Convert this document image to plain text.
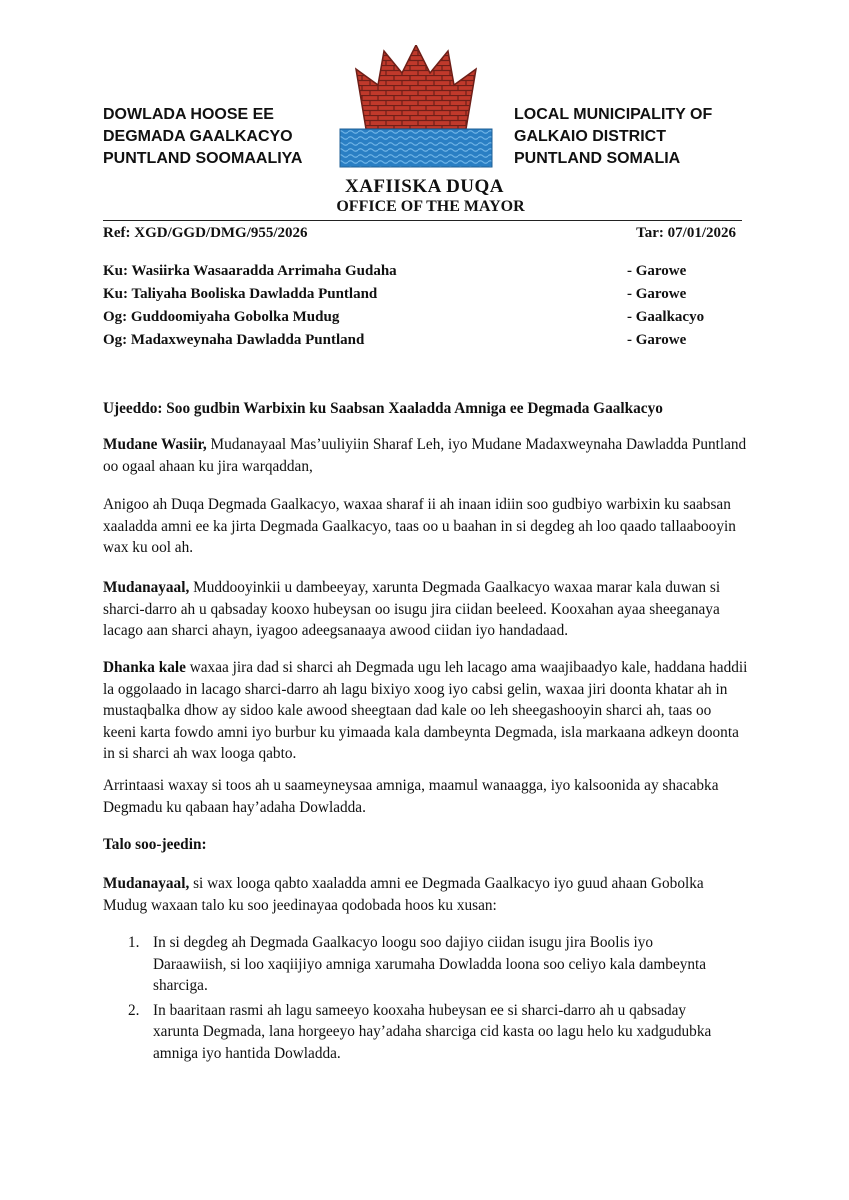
DOWLADA HOOSE EE
DEGMADA GAALKACYO
PUNTLAND SOOMAALIYA
LOCAL MUNICIPALITY OF
GALKAIO DISTRICT
PUNTLAND SOMALIA
XAFIISKA DUQA
OFFICE OF THE MAYOR
Ref: XGD/GGD/DMG/955/2026	Tar: 07/01/2026
Ku: Wasiirka Wasaaradda Arrimaha Gudaha	- Garowe
Ku: Taliyaha Booliska Dawladda Puntland	- Garowe
Og: Guddoomiyaha Gobolka Mudug	- Gaalkacyo
Og: Madaxweynaha Dawladda Puntland	- Garowe
Ujeeddo: Soo gudbin Warbixin ku Saabsan Xaaladda Amniga ee Degmada Gaalkacyo
Mudane Wasiir, Mudanayaal Mas’uuliyiin Sharaf Leh, iyo Mudane Madaxweynaha Dawladda Puntland oo ogaal ahaan ku jira warqaddan,
Anigoo ah Duqa Degmada Gaalkacyo, waxaa sharaf ii ah inaan idiin soo gudbiyo warbixin ku saabsan xaaladda amni ee ka jirta Degmada Gaalkacyo, taas oo u baahan in si degdeg ah loo qaado tallaabooyin wax ku ool ah.
Mudanayaal, Muddooyinkii u dambeeyay, xarunta Degmada Gaalkacyo waxaa marar kala duwan si sharci-darro ah u qabsaday kooxo hubeysan oo isugu jira ciidan beeleed. Kooxahan ayaa sheeganaya lacago aan sharci ahayn, iyagoo adeegsanaaya awood ciidan iyo handadaad.
Dhanka kale waxaa jira dad si sharci ah Degmada ugu leh lacago ama waajibaadyo kale, haddana haddii la oggolaado in lacago sharci-darro ah lagu bixiyo xoog iyo cabsi gelin, waxaa jiri doonta khatar ah in mustaqbalka dhow ay sidoo kale awood sheegtaan dad kale oo leh sheegashooyin sharci ah, taas oo keeni karta fowdo amni iyo burbur ku yimaada kala dambeynta Degmada, isla markaana adkeyn doonta in si sharci ah wax looga qabto.
Arrintaasi waxay si toos ah u saameyneysaa amniga, maamul wanaagga, iyo kalsoonida ay shacabka Degmadu ku qabaan hay’adaha Dowladda.
Talo soo-jeedin:
Mudanayaal, si wax looga qabto xaaladda amni ee Degmada Gaalkacyo iyo guud ahaan Gobolka Mudug waxaan talo ku soo jeedinayaa qodobada hoos ku xusan:
1. In si degdeg ah Degmada Gaalkacyo loogu soo dajiyo ciidan isugu jira Boolis iyo Daraawiish, si loo xaqiijiyo amniga xarumaha Dowladda loona soo celiyo kala dambeynta sharciga.
2. In baaritaan rasmi ah lagu sameeyo kooxaha hubeysan ee si sharci-darro ah u qabsaday xarunta Degmada, lana horgeeyo hay’adaha sharciga cid kasta oo lagu helo ku xadgudubka amniga iyo hantida Dowladda.
